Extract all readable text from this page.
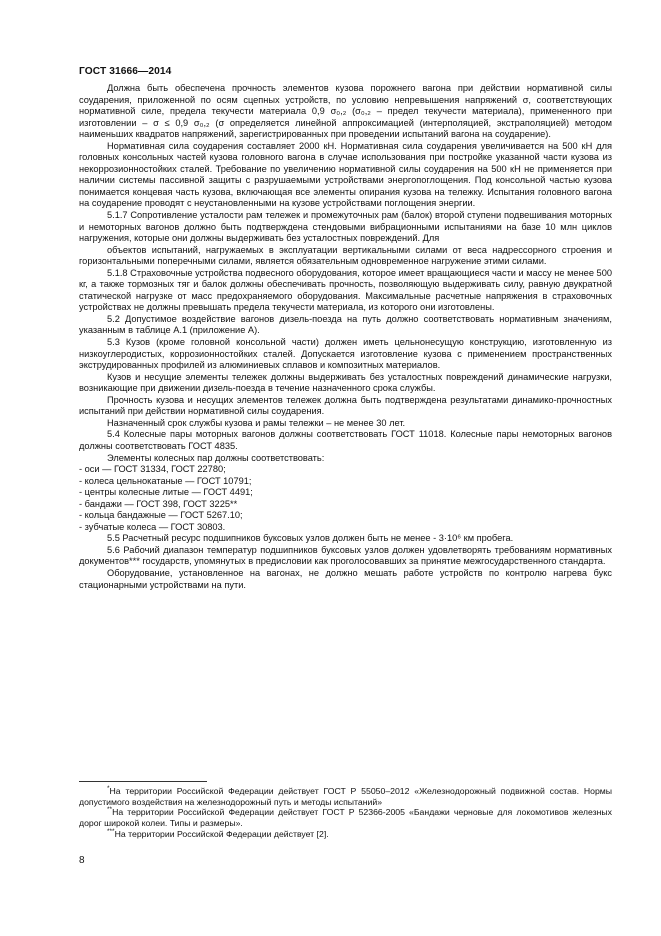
ГОСТ 31666—2014

Должна быть обеспечена прочность элементов кузова порожнего вагона при действии нормативной силы соударения, приложенной по осям сцепных устройств, по условию непревышения напряжений σ, соответствующих нормативной силе, предела текучести материала 0,9 σ₀,₂ (σ₀,₂ – предел текучести материала), примененного при изготовлении – σ ≤ 0,9 σ₀,₂ (σ определяется линейной аппроксимацией (интерполяцией, экстраполяцией) методом наименьших квадратов напряжений, зарегистрированных при проведении испытаний вагона на соударение).

Нормативная сила соударения составляет 2000 кН. Нормативная сила соударения увеличивается на 500 кН для головных консольных частей кузова головного вагона в случае использования при постройке указанной части кузова из некоррозионностойких сталей. Требование по увеличению нормативной силы соударения на 500 кН не применяется при наличии системы пассивной защиты с разрушаемыми устройствами энергопоглощения. Под консольной частью кузова понимается концевая часть кузова, включающая все элементы опирания кузова на тележку. Испытания головного вагона на соударение проводят с неустановленными на кузове устройствами поглощения энергии.

5.1.7 Сопротивление усталости рам тележек и промежуточных рам (балок) второй ступени подвешивания моторных и немоторных вагонов должно быть подтверждена стендовыми вибрационными испытаниями на базе 10 млн циклов нагружения, которые они должны выдерживать без усталостных повреждений. Для

объектов испытаний, нагружаемых в эксплуатации вертикальными силами от веса надрессорного строения и горизонтальными поперечными силами, является обязательным одновременное нагружение этими силами.

5.1.8 Страховочные устройства подвесного оборудования, которое имеет вращающиеся части и массу не менее 500 кг, а также тормозных тяг и балок должны обеспечивать прочность, позволяющую выдерживать силу, равную двукратной статической нагрузке от масс предохраняемого оборудования. Максимальные расчетные напряжения в страховочных устройствах не должны превышать предела текучести материала, из которого они изготовлены.

5.2 Допустимое воздействие вагонов дизель-поезда на путь должно соответствовать нормативным значениям, указанным в таблице А.1 (приложение А).

5.3 Кузов (кроме головной консольной части) должен иметь цельнонесущую конструкцию, изготовленную из низкоуглеродистых, коррозионностойких сталей. Допускается изготовление кузова с применением пространственных экструдированных профилей из алюминиевых сплавов и композитных материалов.

Кузов и несущие элементы тележек должны выдерживать без усталостных повреждений динамические нагрузки, возникающие при движении дизель-поезда в течение назначенного срока службы.

Прочность кузова и несущих элементов тележек должна быть подтверждена результатами динамико-прочностных испытаний при действии нормативной силы соударения.

Назначенный срок службы кузова и рамы тележки – не менее 30 лет.

5.4 Колесные пары моторных вагонов должны соответствовать ГОСТ 11018. Колесные пары немоторных вагонов должны соответствовать ГОСТ 4835.

Элементы колесных пар должны соответствовать:

- оси — ГОСТ 31334, ГОСТ 22780;

- колеса цельнокатаные — ГОСТ 10791;

- центры колесные литые — ГОСТ 4491;

- бандажи — ГОСТ 398, ГОСТ 3225**

- кольца бандажные — ГОСТ 5267.10;

- зубчатые колеса — ГОСТ 30803.

5.5 Расчетный ресурс подшипников буксовых узлов должен быть не менее - 3·10⁶ км пробега.

5.6 Рабочий диапазон температур подшипников буксовых узлов должен удовлетворять требованиям нормативных документов*** государств, упомянутых в предисловии как проголосовавших за принятие межгосударственного стандарта.

Оборудование, установленное на вагонах, не должно мешать работе устройств по контролю нагрева букс стационарными устройствами на пути.

*На территории Российской Федерации действует ГОСТ Р 55050–2012 «Железнодорожный подвижной состав. Нормы допустимого воздействия на железнодорожный путь и методы испытаний»

**На территории Российской Федерации действует ГОСТ Р 52366-2005 «Бандажи черновые для локомотивов железных дорог широкой колеи. Типы и размеры».

***На территории Российской Федерации действует [2].

8
